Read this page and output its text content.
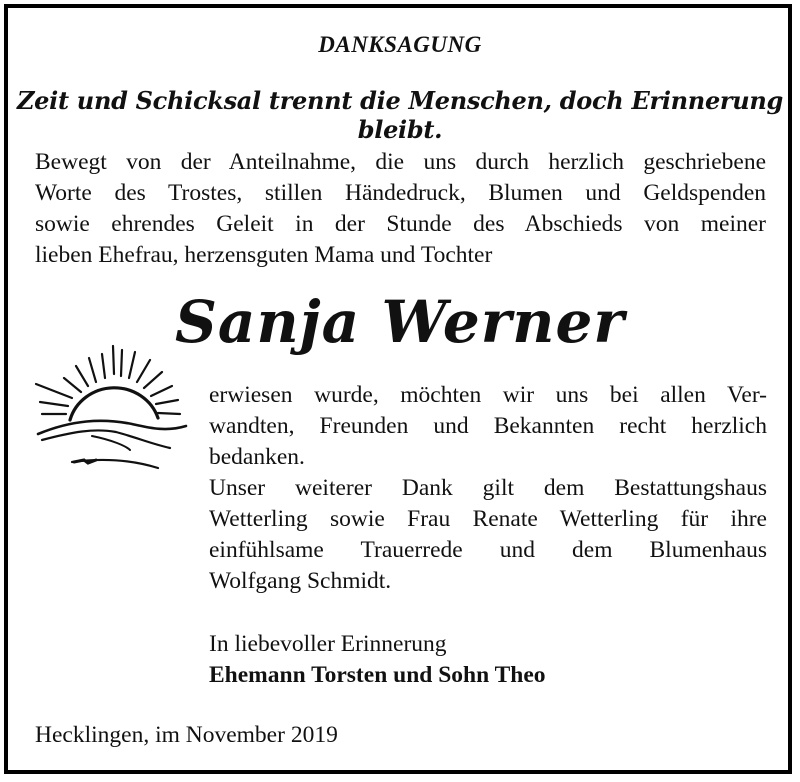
DANKSAGUNG
Zeit und Schicksal trennt die Menschen, doch Erinnerung bleibt.
Bewegt von der Anteilnahme, die uns durch herzlich geschriebene
Worte des Trostes, stillen Händedruck, Blumen und Geldspenden
sowie ehrendes Geleit in der Stunde des Abschieds von meiner
lieben Ehefrau, herzensguten Mama und Tochter
Sanja Werner
erwiesen wurde, möchten wir uns bei allen Ver-
wandten, Freunden und Bekannten recht herzlich
bedanken.
Unser weiterer Dank gilt dem Bestattungshaus
Wetterling sowie Frau Renate Wetterling für ihre
einfühlsame Trauerrede und dem Blumenhaus
Wolfgang Schmidt.
In liebevoller Erinnerung
Ehemann Torsten und Sohn Theo
Hecklingen, im November 2019
